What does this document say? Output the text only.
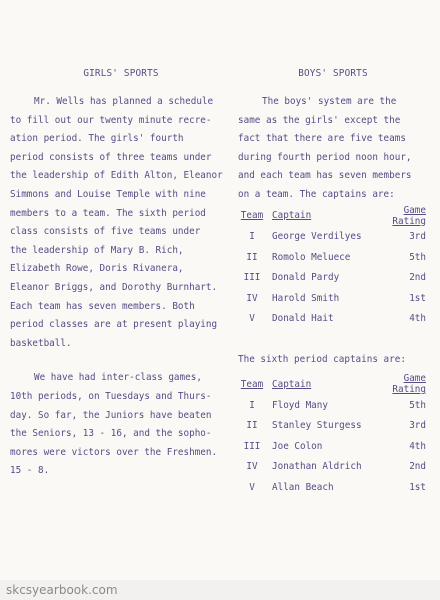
GIRLS' SPORTS
Mr. Wells has planned a schedule
to fill out our twenty minute recre-
ation period. The girls' fourth
period consists of three teams under
the leadership of Edith Alton, Eleanor
Simmons and Louise Temple with nine
members to a team. The sixth period
class consists of five teams under
the leadership of Mary B. Rich,
Elizabeth Rowe, Doris Rivanera,
Eleanor Briggs, and Dorothy Burnhart.
Each team has seven members. Both
period classes are at present playing
basketball.
We have had inter-class games,
10th periods, on Tuesdays and Thurs-
day. So far, the Juniors have beaten
the Seniors, 13 - 16, and the sopho-
mores were victors over the Freshmen.
15 - 8.
BOYS' SPORTS
The boys' system are the
same as the girls' except the
fact that there are five teams
during fourth period noon hour,
and each team has seven members
on a team. The captains are:
Team	Captain	Game Rating
I	George Verdilyes	3rd
II	Romolo Meluece	5th
III	Donald Pardy	2nd
IV	Harold Smith	1st
V	Donald Hait	4th
The sixth period captains are:
Team	Captain	Game Rating
I	Floyd Many	5th
II	Stanley Sturgess	3rd
III	Joe Colon	4th
IV	Jonathan Aldrich	2nd
V	Allan Beach	1st
skcsyearbook.com
